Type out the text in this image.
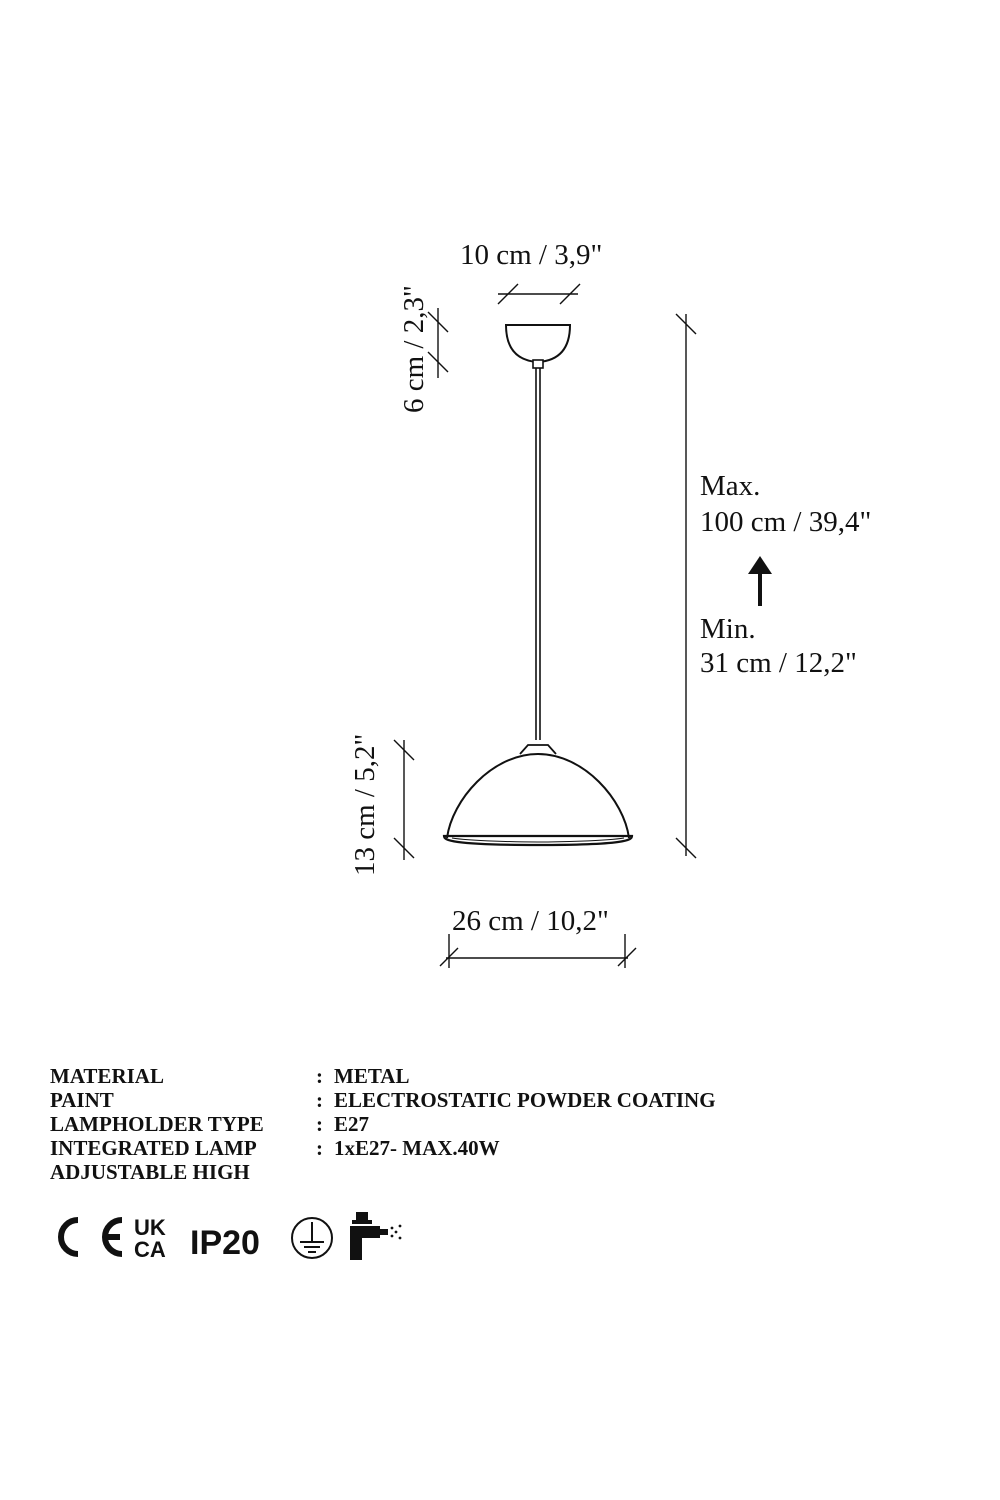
10 cm / 3,9"
6 cm / 2,3"
Max.
100 cm / 39,4"
Min.
31 cm / 12,2"
13 cm / 5,2"
26 cm / 10,2"
MATERIAL	: METAL
PAINT	: ELECTROSTATIC POWDER COATING
LAMPHOLDER TYPE	: E27
INTEGRATED LAMP	: 1xE27- MAX.40W
ADJUSTABLE HIGH
CE
UK
CA IP20
